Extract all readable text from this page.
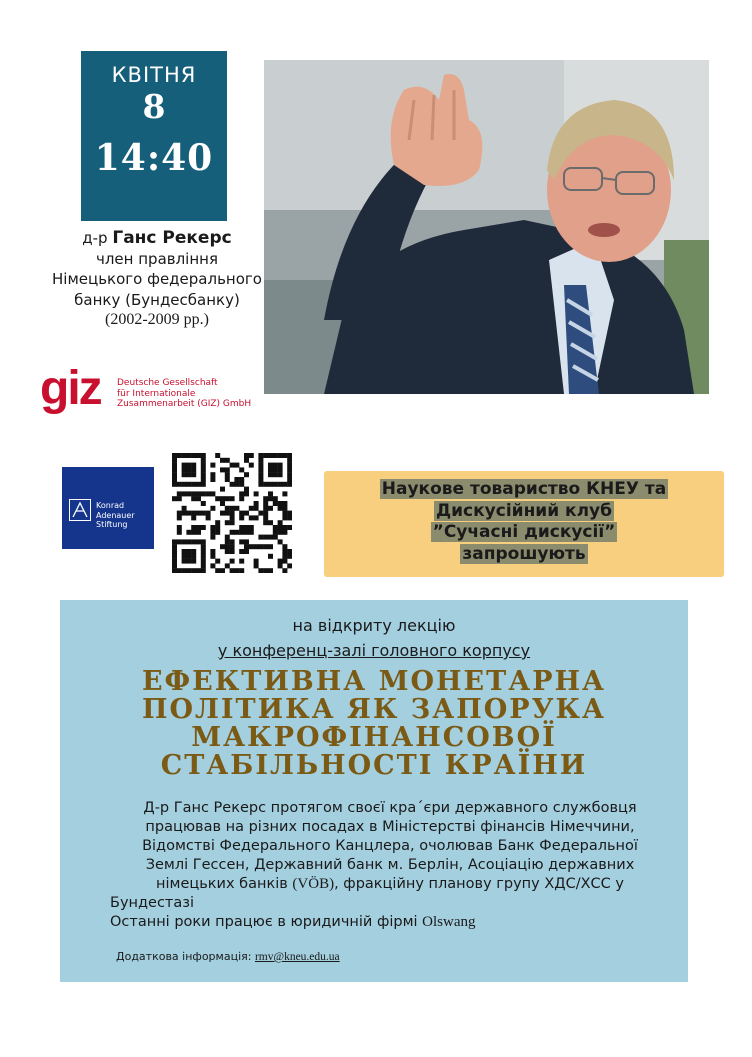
КВІТНЯ
8
14:40
д-р Ганс Рекерс
член правління
Німецького федерального
банку (Бундесбанку)
(2002-2009 рр.)
giz Deutsche Gesellschaft
für Internationale
Zusammenarbeit (GIZ) GmbH
Konrad
Adenauer
Stiftung
Наукове товариство КНЕУ та
Дискусійний клуб
”Сучасні дискусії”
запрошують
на відкриту лекцію
у конференц-залі головного корпусу
ЕФЕКТИВНА МОНЕТАРНА
ПОЛІТИКА ЯК ЗАПОРУКА
МАКРОФІНАНСОВОЇ
СТАБІЛЬНОСТІ КРАЇНИ
Д-р Ганс Рекерс протягом своєї кра´єри державного службовця
працював на різних посадах в Міністерстві фінансів Німеччини,
Відомстві Федерального Канцлера, очолював Банк Федеральної
Землі Гессен, Державний банк м. Берлін, Асоціацію державних
німецьких банків (VÖB), фракційну планову групу ХДС/ХСС у
Бундестазі
Останні роки працює в юридичній фірмі Olswang
Додаткова інформація: rmv@kneu.edu.ua
